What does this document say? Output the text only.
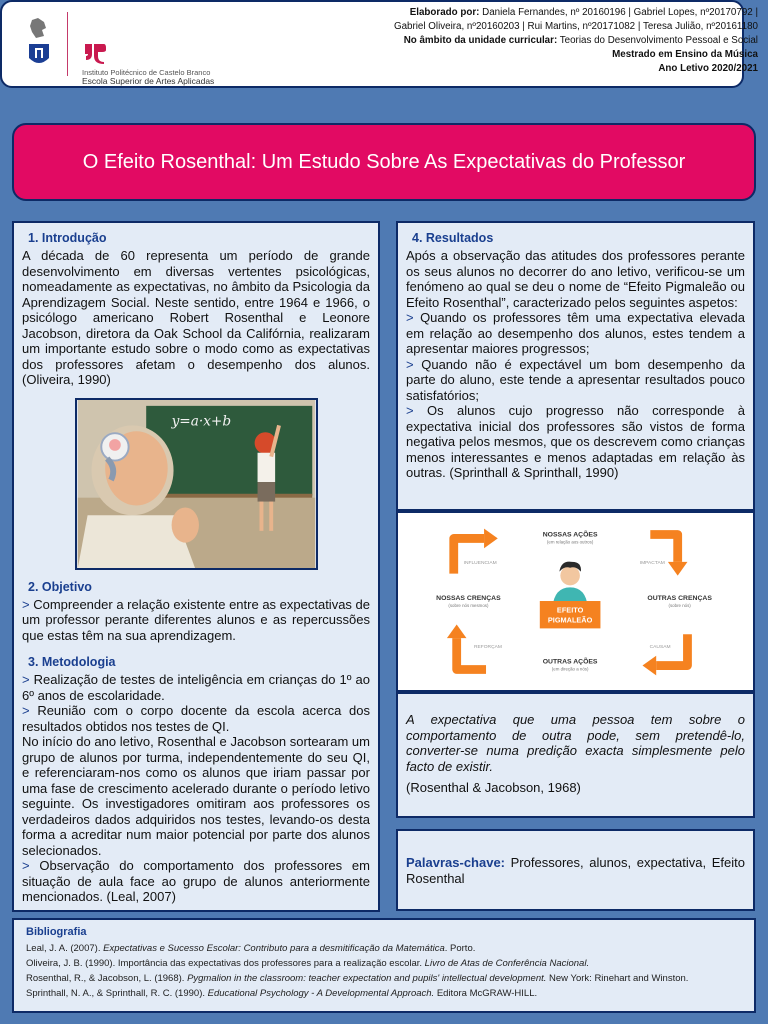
Instituto Politécnico de Castelo Branco
Escola Superior de Artes Aplicadas
Elaborado por: Daniela Fernandes, nº 20160196 | Gabriel Lopes, nº20170792 |
Gabriel Oliveira, nº20160203 | Rui Martins, nº20171082 | Teresa Julião, nº20161180
No âmbito da unidade curricular: Teorias do Desenvolvimento Pessoal e Social
Mestrado em Ensino da Música
Ano Letivo 2020/2021
O Efeito Rosenthal: Um Estudo Sobre As Expectativas do Professor
1. Introdução

A década de 60 representa um período de grande desenvolvimento em diversas vertentes psicológicas, nomeadamente as expectativas, no âmbito da Psicologia da Aprendizagem Social. Neste sentido, entre 1964 e 1966, o psicólogo americano Robert Rosenthal e Leonore Jacobson, diretora da Oak School da Califórnia, realizaram um importante estudo sobre o modo como as expectativas dos professores afetam o desempenho dos alunos. (Oliveira, 1990)

y=a·x+b
2. Objetivo

> Compreender a relação existente entre as expectativas de um professor perante diferentes alunos e as repercussões que estas têm na sua aprendizagem.

3. Metodologia

> Realização de testes de inteligência em crianças do 1º ao 6º anos de escolaridade.

> Reunião com o corpo docente da escola acerca dos resultados obtidos nos testes de QI.

No início do ano letivo, Rosenthal e Jacobson sortearam um grupo de alunos por turma, independentemente do seu QI, e referenciaram-nos como os alunos que iriam passar por uma fase de crescimento acelerado durante o período letivo seguinte. Os investigadores omitiram aos professores os verdadeiros dados adquiridos nos testes, levando-os desta forma a acreditar num maior potencial por parte dos alunos selecionados.

> Observação do comportamento dos professores em situação de aula face ao grupo de alunos anteriormente mencionados. (Leal, 2007)

4. Resultados

Após a observação das atitudes dos professores perante os seus alunos no decorrer do ano letivo, verificou-se um fenómeno ao qual se deu o nome de “Efeito Pigmaleão ou Efeito Rosenthal”, caracterizado pelos seguintes aspetos:

> Quando os professores têm uma expectativa elevada em relação ao desempenho dos alunos, estes tendem a apresentar maiores progressos;

> Quando não é expectável um bom desempenho da parte do aluno, este tende a apresentar resultados pouco satisfatórios;

> Os alunos cujo progresso não corresponde à expectativa inicial dos professores são vistos de forma negativa pelos mesmos, que os descrevem como crianças menos interessantes e menos adaptadas em relação às outras. (Sprinthall & Sprinthall, 1990)

NOSSAS AÇÕES
(em relação aos outros)
INFLUENCIAM	IMPACTAM
NOSSAS CRENÇAS
(sobre nós mesmos)
OUTRAS CRENÇAS
(sobre nós)
REFORÇAM	CAUSAM
OUTRAS AÇÕES
(em direção a nós)
EFEITO
PIGMALEÃO

A expectativa que uma pessoa tem sobre o comportamento de outra pode, sem pretendê-lo, converter-se numa predição exacta simplesmente pelo facto de existir.

(Rosenthal & Jacobson, 1968)

Palavras-chave: Professores, alunos, expectativa, Efeito Rosenthal

Bibliografia
Leal, J. A. (2007). Expectativas e Sucesso Escolar: Contributo para a desmitificação da Matemática. Porto.
Oliveira, J. B. (1990). Importância das expectativas dos professores para a realização escolar. Livro de Atas de Conferência Nacional.
Rosenthal, R., & Jacobson, L. (1968). Pygmalion in the classroom: teacher expectation and pupils' intellectual development. New York: Rinehart and Winston.
Sprinthall, N. A., & Sprinthall, R. C. (1990). Educational Psychology - A Developmental Approach. Editora McGRAW-HILL.
